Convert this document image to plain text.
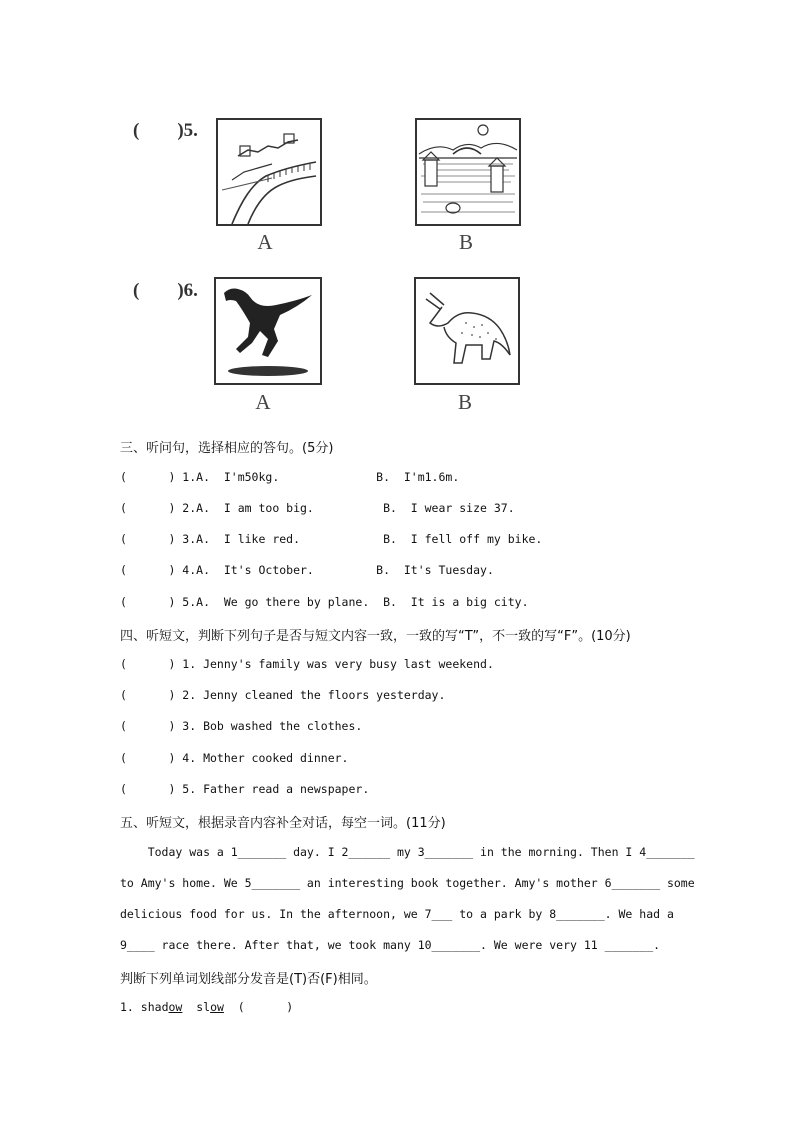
(        )5.
A	B
(        )6.
A	B
三、听问句，选择相应的答句。(5分)
(      ) 1.A.  I'm50kg.              B.  I'm1.6m.
(      ) 2.A.  I am too big.          B.  I wear size 37.
(      ) 3.A.  I like red.            B.  I fell off my bike.
(      ) 4.A.  It's October.         B.  It's Tuesday.
(      ) 5.A.  We go there by plane.  B.  It is a big city.
四、听短文，判断下列句子是否与短文内容一致，一致的写“T”，不一致的写“F”。(10分)
(      ) 1. Jenny's family was very busy last weekend.
(      ) 2. Jenny cleaned the floors yesterday.
(      ) 3. Bob washed the clothes.
(      ) 4. Mother cooked dinner.
(      ) 5. Father read a newspaper.
五、听短文，根据录音内容补全对话，每空一词。(11分)
Today was a 1_______ day. I 2______ my 3_______ in the morning. Then I 4_______
to Amy's home. We 5_______ an interesting book together. Amy's mother 6_______ some
delicious food for us. In the afternoon, we 7___ to a park by 8_______. We had a
9____ race there. After that, we took many 10_______. We were very 11 _______.
判断下列单词划线部分发音是(T)否(F)相同。
1. shadow slow (      )
